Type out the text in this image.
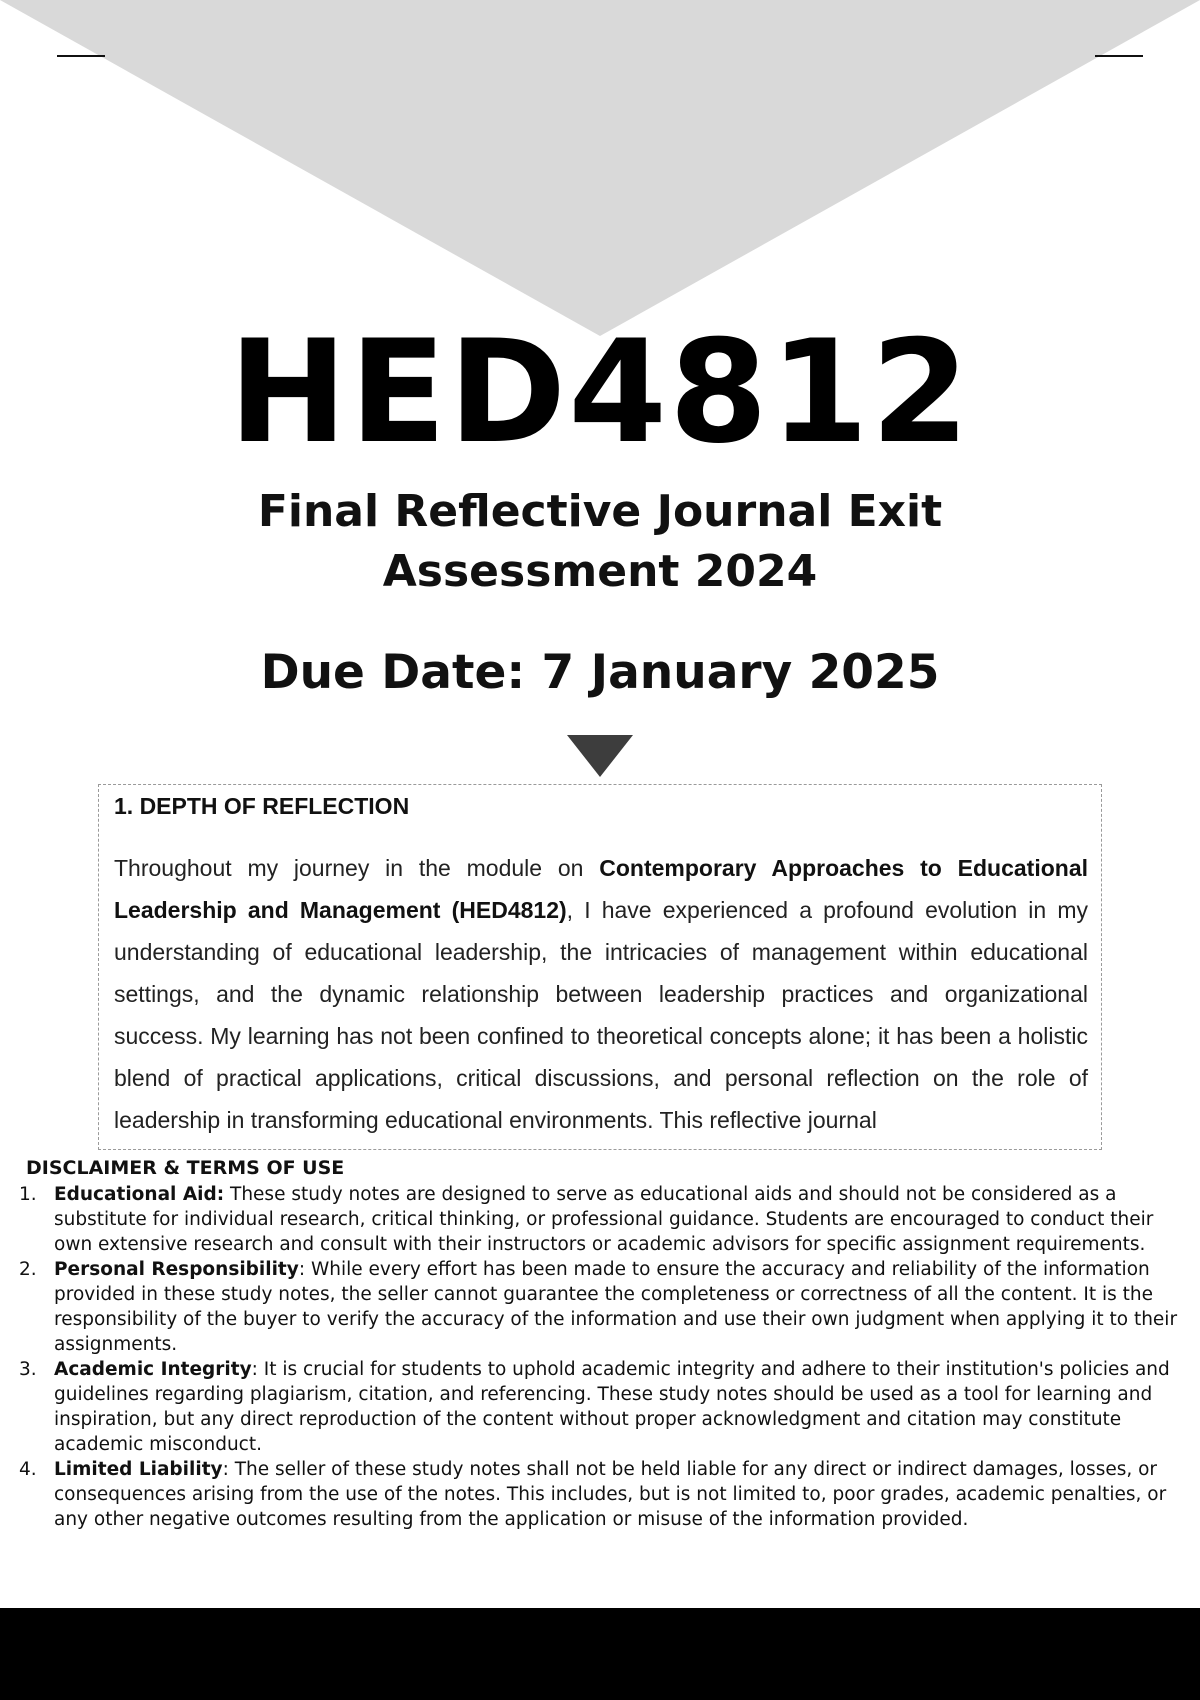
HED4812
Final Reflective Journal Exit
Assessment 2024
Due Date: 7 January 2025
1. DEPTH OF REFLECTION
Throughout my journey in the module on Contemporary Approaches to Educational Leadership and Management (HED4812), I have experienced a profound evolution in my understanding of educational leadership, the intricacies of management within educational settings, and the dynamic relationship between leadership practices and organizational success. My learning has not been confined to theoretical concepts alone; it has been a holistic blend of practical applications, critical discussions, and personal reflection on the role of leadership in transforming educational environments. This reflective journal
DISCLAIMER & TERMS OF USE
1. Educational Aid: These study notes are designed to serve as educational aids and should not be considered as a substitute for individual research, critical thinking, or professional guidance. Students are encouraged to conduct their own extensive research and consult with their instructors or academic advisors for specific assignment requirements.
2. Personal Responsibility: While every effort has been made to ensure the accuracy and reliability of the information provided in these study notes, the seller cannot guarantee the completeness or correctness of all the content. It is the responsibility of the buyer to verify the accuracy of the information and use their own judgment when applying it to their assignments.
3. Academic Integrity: It is crucial for students to uphold academic integrity and adhere to their institution's policies and guidelines regarding plagiarism, citation, and referencing. These study notes should be used as a tool for learning and inspiration, but any direct reproduction of the content without proper acknowledgment and citation may constitute academic misconduct.
4. Limited Liability: The seller of these study notes shall not be held liable for any direct or indirect damages, losses, or consequences arising from the use of the notes. This includes, but is not limited to, poor grades, academic penalties, or any other negative outcomes resulting from the application or misuse of the information provided.
